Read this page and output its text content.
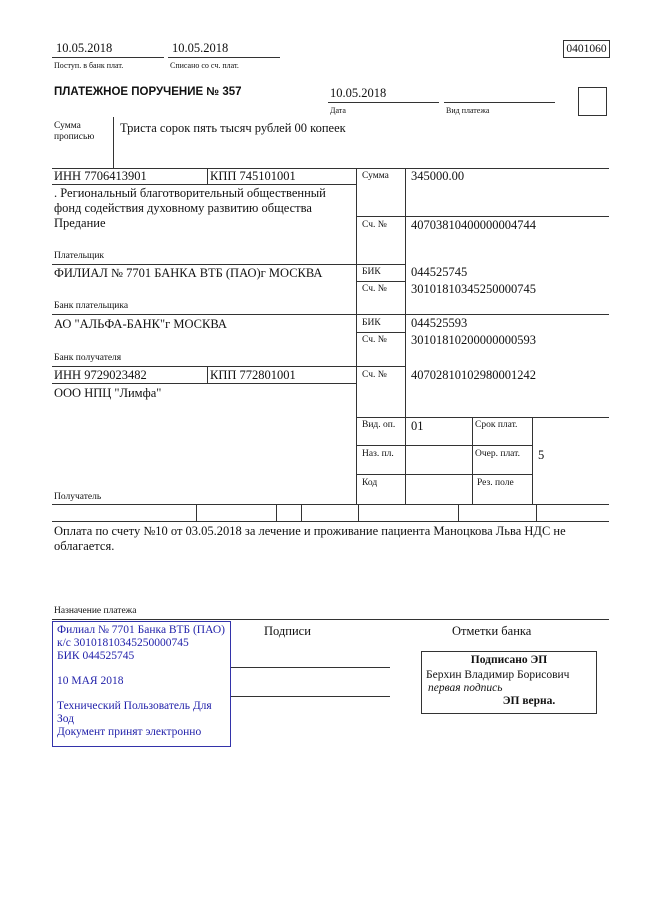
10.05.2018
Поступ. в банк плат.
10.05.2018
Списано со сч. плат.
0401060
ПЛАТЕЖНОЕ ПОРУЧЕНИЕ № 357	10.05.2018
Дата	Вид платежа
Сумма прописью
Триста сорок пять тысяч рублей 00 копеек
ИНН 7706413901	КПП 745101001
. Региональный благотворительный общественный фонд содействия духовному развитию общества Предание
Плательщик
ФИЛИАЛ № 7701 БАНКА ВТБ (ПАО)г МОСКВА
Банк плательщика
АО "АЛЬФА-БАНК"г МОСКВА
Банк получателя
ИНН 9729023482	КПП 772801001
ООО НПЦ "Лимфа"
Получатель
Сумма 345000.00
Сч. № 40703810400000004744
БИК 044525745
Сч. № 30101810345250000745
БИК 044525593
Сч. № 30101810200000000593
Сч. № 40702810102980001242
Вид. оп. 01
Наз. пл.
Код
Срок плат.
Очер. плат.	5
Рез. поле
Оплата по счету №10 от 03.05.2018 за лечение и проживание пациента Маноцкова Льва НДС не облагается.
Назначение платежа
Филиал № 7701 Банка ВТБ (ПАО)
к/с 30101810345250000745
БИК 044525745
10 МАЯ 2018
Технический Пользователь Для
Зод
Документ принят электронно
Подписи	Отметки банка
Подписано ЭП
Берхин Владимир Борисович
первая подпись
ЭП верна.
